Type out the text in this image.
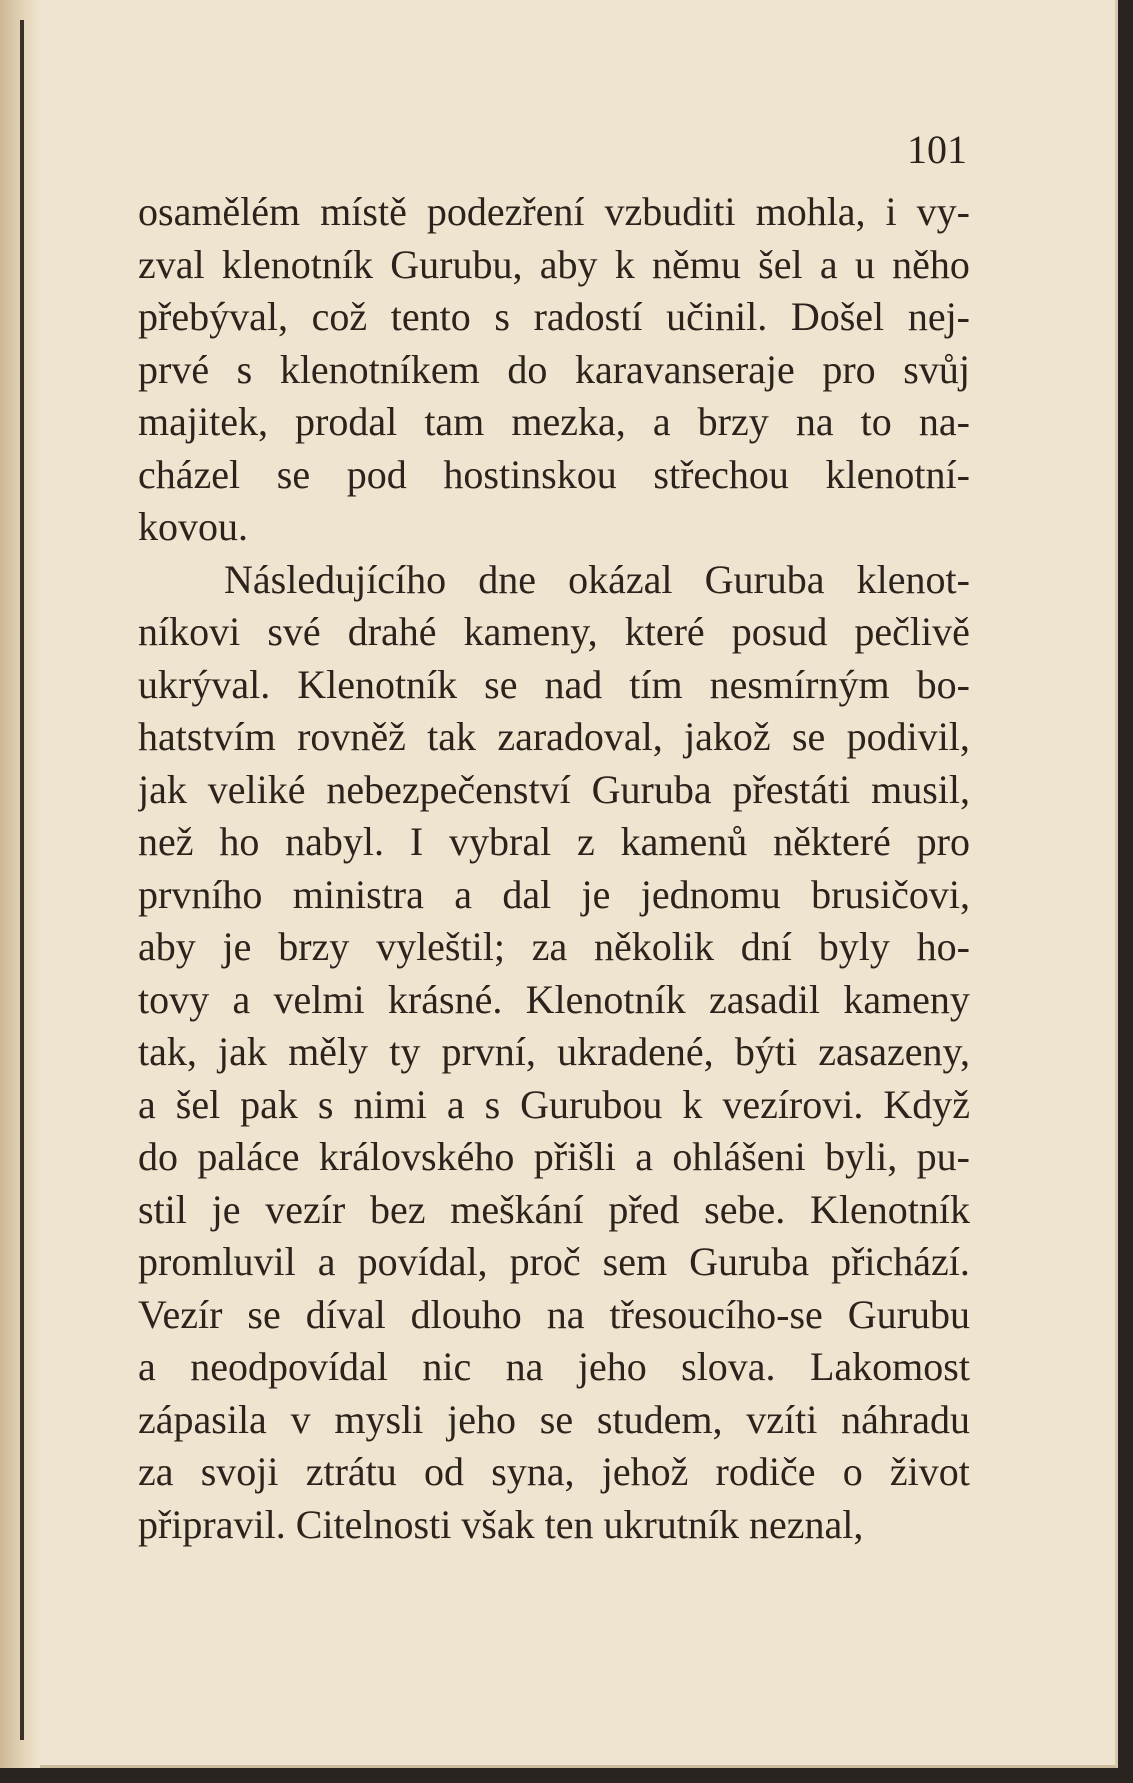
101
osamělém místě podezření vzbuditi mohla, i vy-
zval klenotník Gurubu, aby k němu šel a u něho
přebýval, což tento s radostí učinil. Došel nej-
prvé s klenotníkem do karavanseraje pro svůj
majitek, prodal tam mezka, a brzy na to na-
cházel se pod hostinskou střechou klenotní-
kovou.
Následujícího dne okázal Guruba klenot-
níkovi své drahé kameny, které posud pečlivě
ukrýval. Klenotník se nad tím nesmírným bo-
hatstvím rovněž tak zaradoval, jakož se podivil,
jak veliké nebezpečenství Guruba přestáti musil,
než ho nabyl. I vybral z kamenů některé pro
prvního ministra a dal je jednomu brusičovi,
aby je brzy vyleštil; za několik dní byly ho-
tovy a velmi krásné. Klenotník zasadil kameny
tak, jak měly ty první, ukradené, býti zasazeny,
a šel pak s nimi a s Gurubou k vezírovi. Když
do paláce královského přišli a ohlášeni byli, pu-
stil je vezír bez meškání před sebe. Klenotník
promluvil a povídal, proč sem Guruba přichází.
Vezír se díval dlouho na třesoucího-se Gurubu
a neodpovídal nic na jeho slova. Lakomost
zápasila v mysli jeho se studem, vzíti náhradu
za svoji ztrátu od syna, jehož rodiče o život
připravil. Citelnosti však ten ukrutník neznal,
